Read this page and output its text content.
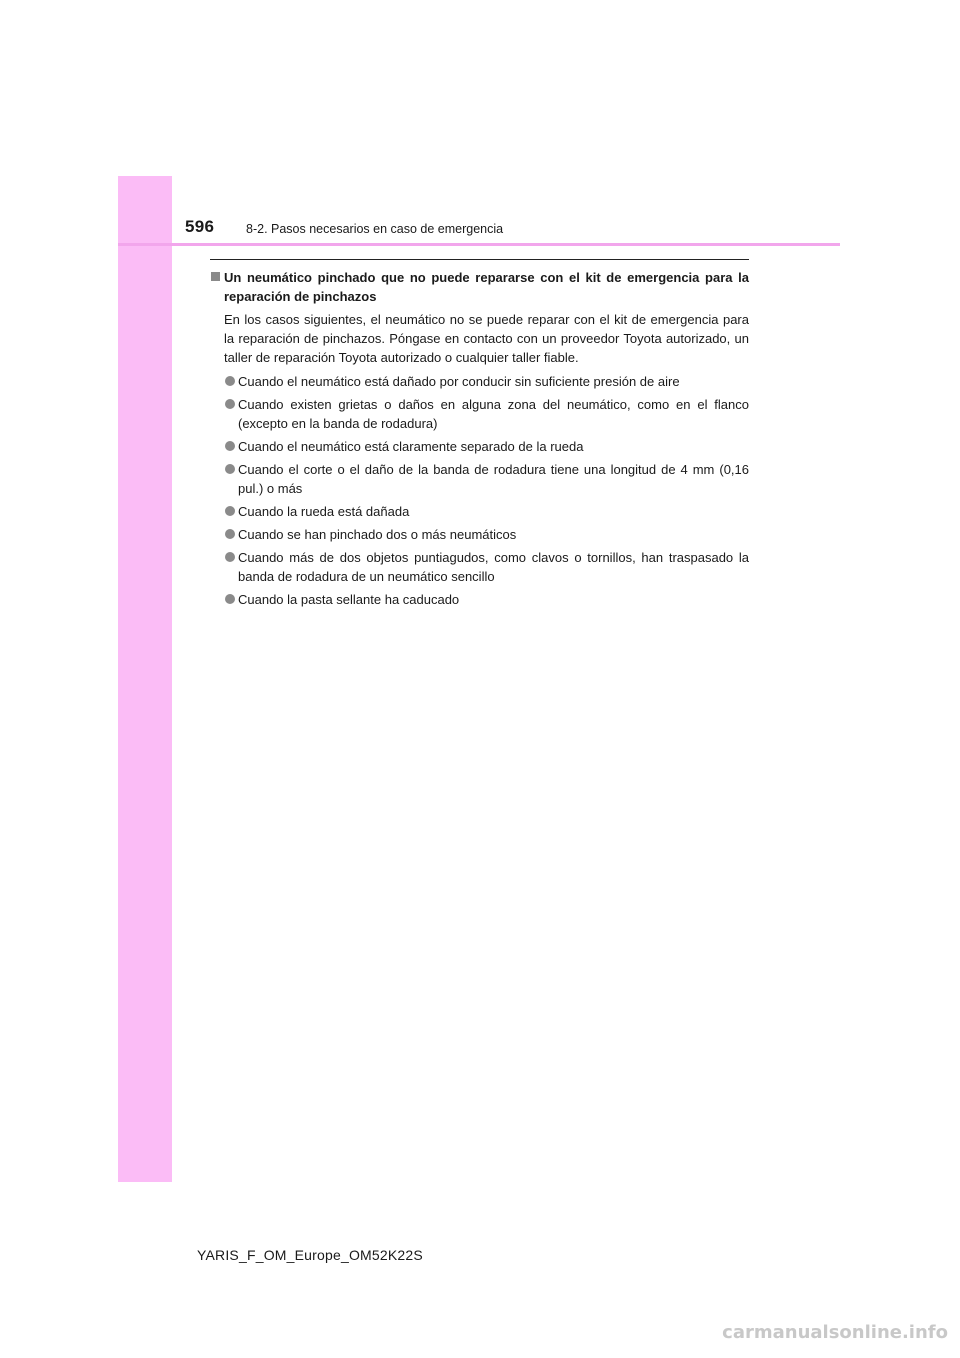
596	8-2. Pasos necesarios en caso de emergencia
Un neumático pinchado que no puede repararse con el kit de emergencia para la reparación de pinchazos
En los casos siguientes, el neumático no se puede reparar con el kit de emergencia para la reparación de pinchazos. Póngase en contacto con un proveedor Toyota autorizado, un taller de reparación Toyota autorizado o cualquier taller fiable.
Cuando el neumático está dañado por conducir sin suficiente presión de aire
Cuando existen grietas o daños en alguna zona del neumático, como en el flanco (excepto en la banda de rodadura)
Cuando el neumático está claramente separado de la rueda
Cuando el corte o el daño de la banda de rodadura tiene una longitud de 4 mm (0,16 pul.) o más
Cuando la rueda está dañada
Cuando se han pinchado dos o más neumáticos
Cuando más de dos objetos puntiagudos, como clavos o tornillos, han traspasado la banda de rodadura de un neumático sencillo
Cuando la pasta sellante ha caducado
YARIS_F_OM_Europe_OM52K22S
carmanualsonline.info
